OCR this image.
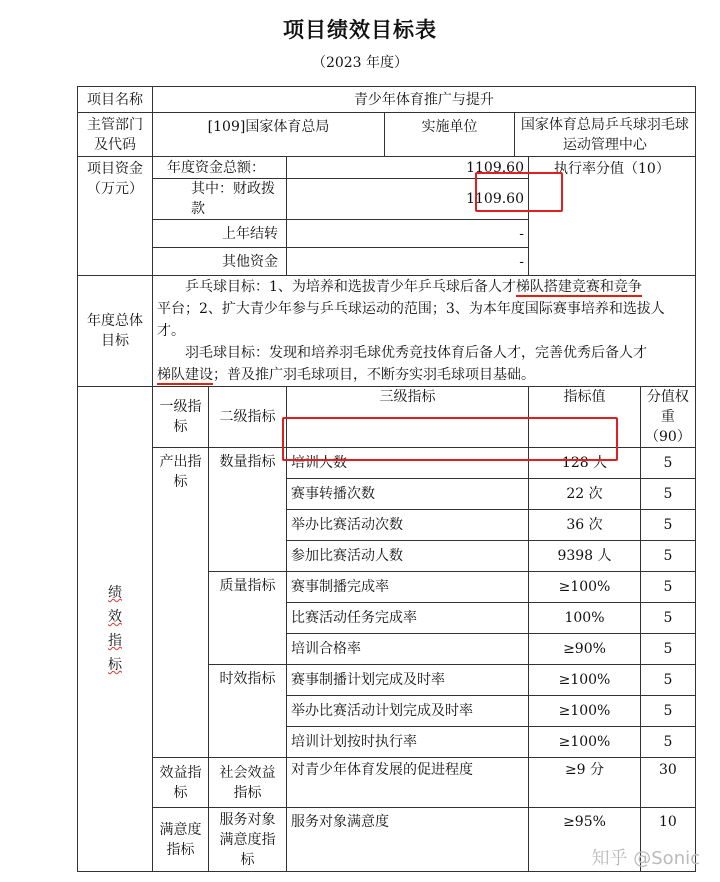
项目绩效目标表
（2023 年度）
项目名称	青少年体育推广与提升						
主管部门及代码	[109]国家体育总局			实施单位	国家体育总局乒乓球羽毛球运动管理中心		
项目资金（万元）	年度资金总额：		1109.60			执行率分值（10）	
	其中：财政拨款		1109.60				
	上年结转		-				
	其他资金		-				
年度总体目标	乒乓球目标：1、为培养和选拔青少年乒乓球后备人才梯队搭建竞赛和竞争

平台；2、扩大青少年参与乒乓球运动的范围；3、为本年度国际赛事培养和选拔人才。

羽毛球目标：发现和培养羽毛球优秀竞技体育后备人才，完善优秀后备人才

梯队建设；普及推广羽毛球项目，不断夯实羽毛球项目基础。						

绩效指标	一级指标	二级指标	三级指标			指标值	分值权重（90）
	产出指标	数量指标	培训人数			128 人	5
			赛事转播次数			22 次	5
			举办比赛活动次数			36 次	5
			参加比赛活动人数			9398 人	5
		质量指标	赛事制播完成率			≥100%	5
			比赛活动任务完成率			100%	5
			培训合格率			≥90%	5
		时效指标	赛事制播计划完成及时率			≥100%	5
			举办比赛活动计划完成及时率			≥100%	5
			培训计划按时执行率			≥100%	5
	效益指标	社会效益指标	对青少年体育发展的促进程度			≥9 分	30
	满意度指标	服务对象满意度指标	服务对象满意度			≥95%	10
知乎 @Sonic
